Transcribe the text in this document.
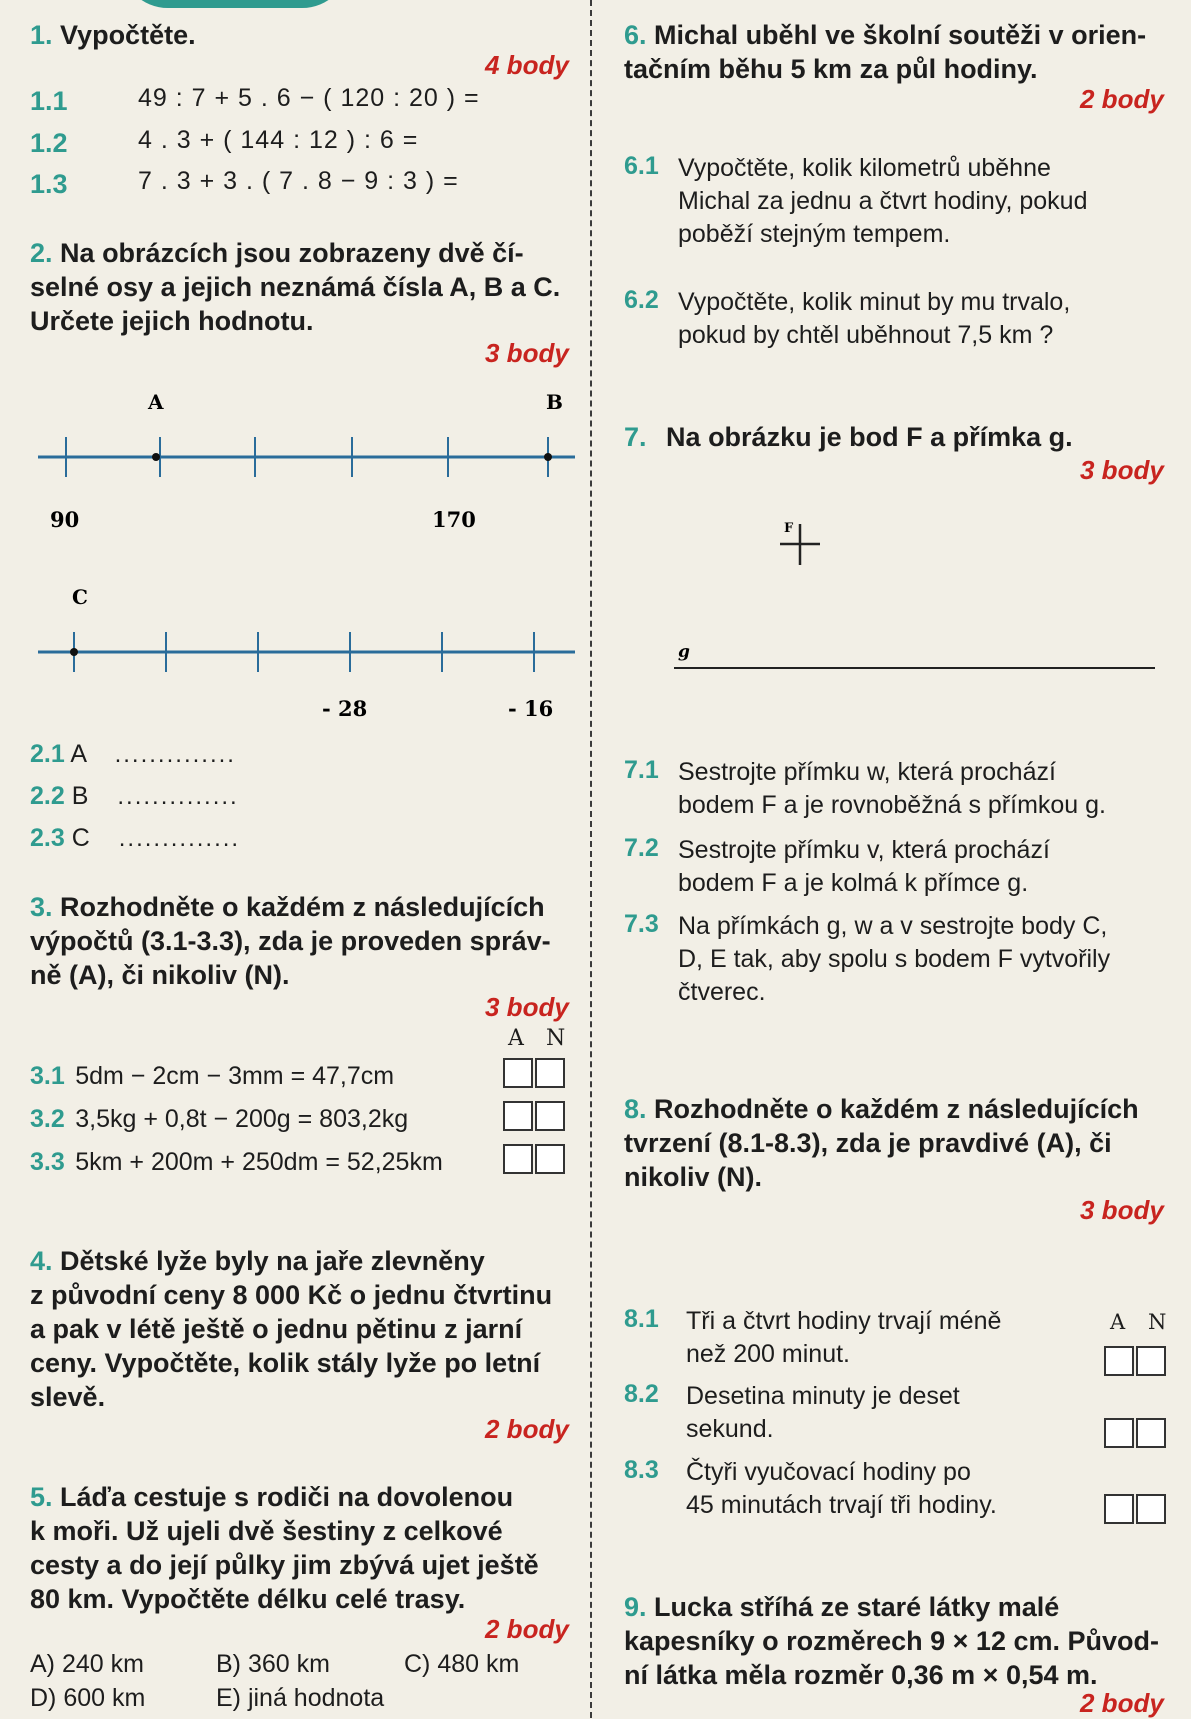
1. Vypočtěte.
4 body
1.1	49 : 7 + 5 . 6 − ( 120 : 20 ) =
1.2	4 . 3 + ( 144 : 12 ) : 6 =
1.3	7 . 3 + 3 . ( 7 . 8 − 9 : 3 ) =
2. Na obrázcích jsou zobrazeny dvě čí-
selné osy a jejich neznámá čísla A, B a C.
Určete jejich hodnotu.
3 body
A	B
90	170
C
- 28	- 16
2.1 A ..............
2.2 B ..............
2.3 C ..............
3. Rozhodněte o každém z následujících
výpočtů (3.1-3.3), zda je proveden správ-
ně (A), či nikoliv (N).
3 body
A N
3.1 5dm − 2cm − 3mm = 47,7cm
3.2 3,5kg + 0,8t − 200g = 803,2kg
3.3 5km + 200m + 250dm = 52,25km
4. Dětské lyže byly na jaře zlevněny
z původní ceny 8 000 Kč o jednu čtvrtinu
a pak v létě ještě o jednu pětinu z jarní
ceny. Vypočtěte, kolik stály lyže po letní
slevě.
2 body
5. Láďa cestuje s rodiči na dovolenou
k moři. Už ujeli dvě šestiny z celkové
cesty a do její půlky jim zbývá ujet ještě
80 km. Vypočtěte délku celé trasy.
2 body
A) 240 km	B) 360 km	C) 480 km
D) 600 km	E) jiná hodnota
6. Michal uběhl ve školní soutěži v orien-
tačním běhu 5 km za půl hodiny.
2 body
6.1 Vypočtěte, kolik kilometrů uběhne
Michal za jednu a čtvrt hodiny, pokud
poběží stejným tempem.
6.2 Vypočtěte, kolik minut by mu trvalo,
pokud by chtěl uběhnout 7,5 km ?
7. Na obrázku je bod F a přímka g.
3 body
F
g
7.1 Sestrojte přímku w, která prochází
bodem F a je rovnoběžná s přímkou g.
7.2 Sestrojte přímku v, která prochází
bodem F a je kolmá k přímce g.
7.3 Na přímkách g, w a v sestrojte body C,
D, E tak, aby spolu s bodem F vytvořily
čtverec.
8. Rozhodněte o každém z následujících
tvrzení (8.1-8.3), zda je pravdivé (A), či
nikoliv (N).
3 body
A N
8.1 Tři a čtvrt hodiny trvají méně
než 200 minut.
8.2 Desetina minuty je deset
sekund.
8.3 Čtyři vyučovací hodiny po
45 minutách trvají tři hodiny.
9. Lucka stříhá ze staré látky malé
kapesníky o rozměrech 9 × 12 cm. Původ-
ní látka měla rozměr 0,36 m × 0,54 m.
2 body
